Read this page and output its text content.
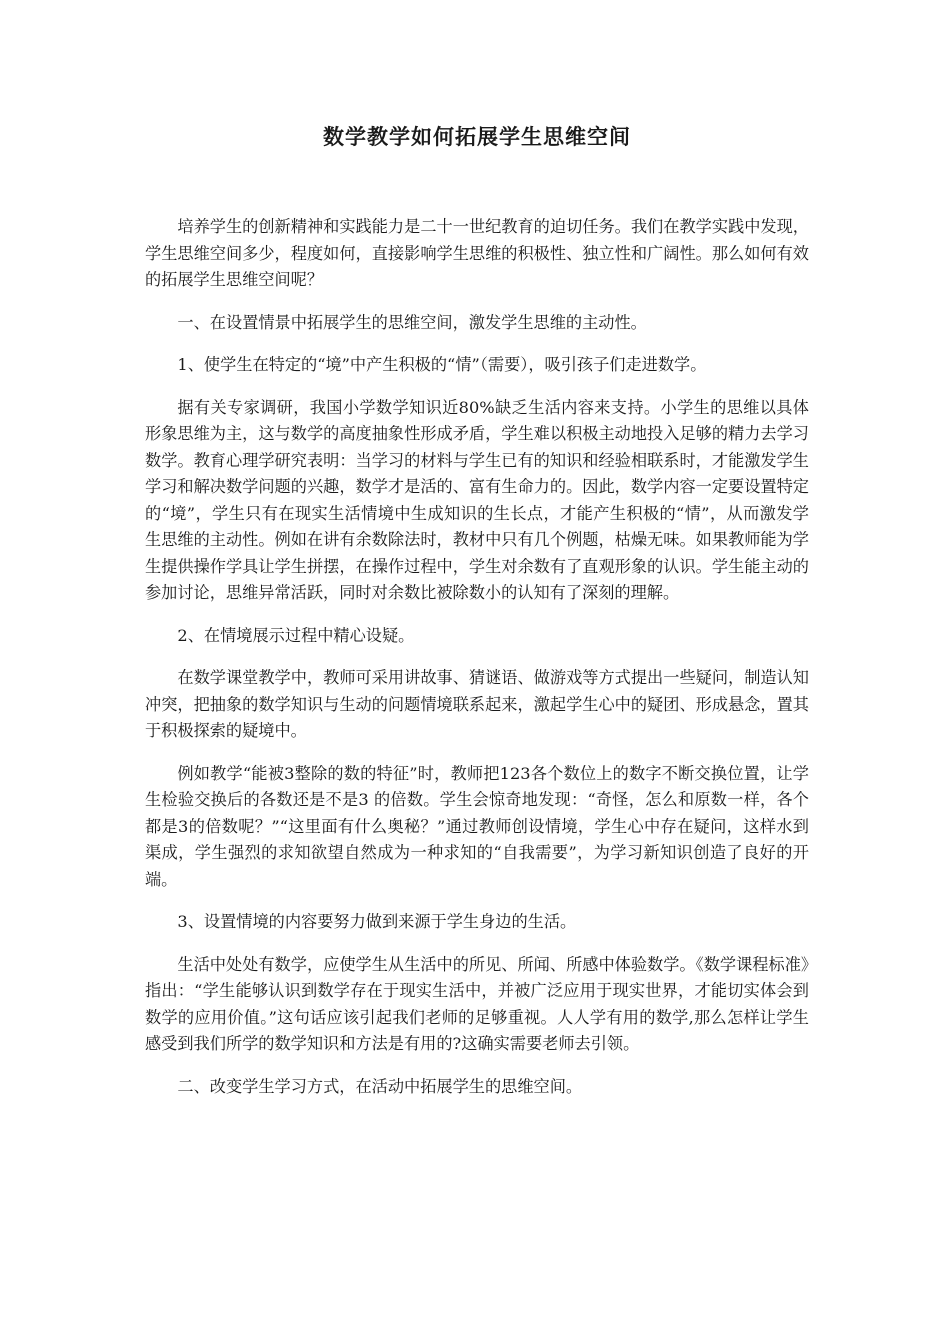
数学教学如何拓展学生思维空间

培养学生的创新精神和实践能力是二十一世纪教育的迫切任务。我们在教学实践中发现，学生思维空间多少，程度如何，直接影响学生思维的积极性、独立性和广阔性。那么如何有效的拓展学生思维空间呢？

一、在设置情景中拓展学生的思维空间，激发学生思维的主动性。

1、使学生在特定的“境”中产生积极的“情”（需要），吸引孩子们走进数学。

据有关专家调研，我国小学数学知识近80%缺乏生活内容来支持。小学生的思维以具体形象思维为主，这与数学的高度抽象性形成矛盾，学生难以积极主动地投入足够的精力去学习数学。教育心理学研究表明：当学习的材料与学生已有的知识和经验相联系时，才能激发学生学习和解决数学问题的兴趣，数学才是活的、富有生命力的。因此，数学内容一定要设置特定的“境”，学生只有在现实生活情境中生成知识的生长点，才能产生积极的“情”，从而激发学生思维的主动性。例如在讲有余数除法时，教材中只有几个例题，枯燥无味。如果教师能为学生提供操作学具让学生拼摆，在操作过程中，学生对余数有了直观形象的认识。学生能主动的参加讨论，思维异常活跃，同时对余数比被除数小的认知有了深刻的理解。

2、在情境展示过程中精心设疑。

在数学课堂教学中，教师可采用讲故事、猜谜语、做游戏等方式提出一些疑问，制造认知冲突，把抽象的数学知识与生动的问题情境联系起来，激起学生心中的疑团、形成悬念，置其于积极探索的疑境中。

例如教学“能被3整除的数的特征”时，教师把123各个数位上的数字不断交换位置，让学生检验交换后的各数还是不是3 的倍数。学生会惊奇地发现：“奇怪，怎么和原数一样，各个都是3的倍数呢？”“这里面有什么奥秘？”通过教师创设情境，学生心中存在疑问，这样水到渠成，学生强烈的求知欲望自然成为一种求知的“自我需要”，为学习新知识创造了良好的开端。

3、设置情境的内容要努力做到来源于学生身边的生活。

生活中处处有数学，应使学生从生活中的所见、所闻、所感中体验数学。《数学课程标准》指出：“学生能够认识到数学存在于现实生活中，并被广泛应用于现实世界，才能切实体会到数学的应用价值。”这句话应该引起我们老师的足够重视。人人学有用的数学,那么怎样让学生感受到我们所学的数学知识和方法是有用的?这确实需要老师去引领。

二、改变学生学习方式，在活动中拓展学生的思维空间。
